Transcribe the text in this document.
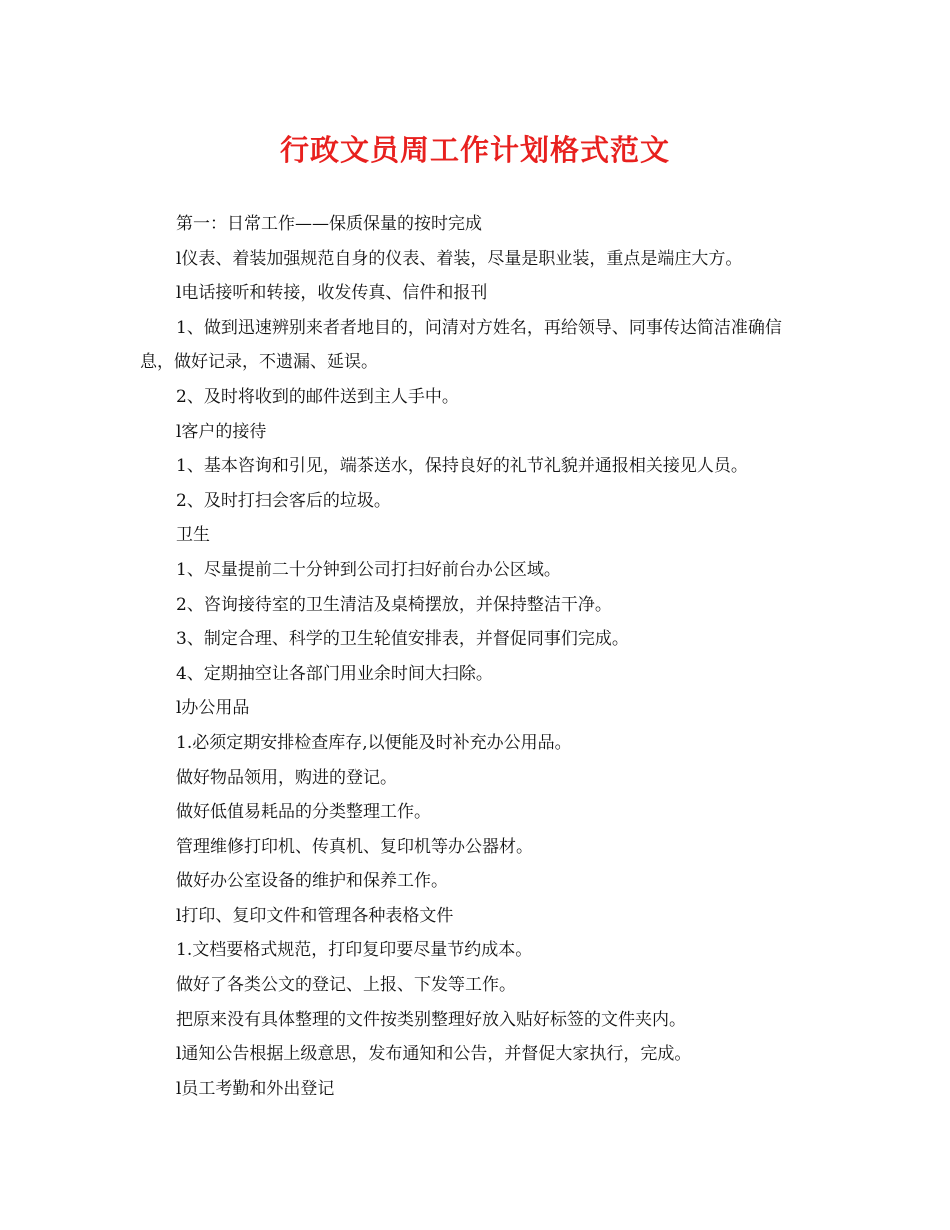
行政文员周工作计划格式范文

第一：日常工作——保质保量的按时完成

l仪表、着装加强规范自身的仪表、着装，尽量是职业装，重点是端庄大方。

l电话接听和转接，收发传真、信件和报刊

1、做到迅速辨别来者者地目的，问清对方姓名，再给领导、同事传达简洁准确信息，做好记录，不遗漏、延误。

2、及时将收到的邮件送到主人手中。

l客户的接待

1、基本咨询和引见，端茶送水，保持良好的礼节礼貌并通报相关接见人员。

2、及时打扫会客后的垃圾。

卫生

1、尽量提前二十分钟到公司打扫好前台办公区域。

2、咨询接待室的卫生清洁及桌椅摆放，并保持整洁干净。

3、制定合理、科学的卫生轮值安排表，并督促同事们完成。

4、定期抽空让各部门用业余时间大扫除。

l办公用品

1.必须定期安排检查库存,以便能及时补充办公用品。

做好物品领用，购进的登记。

做好低值易耗品的分类整理工作。

管理维修打印机、传真机、复印机等办公器材。

做好办公室设备的维护和保养工作。

l打印、复印文件和管理各种表格文件

1.文档要格式规范，打印复印要尽量节约成本。

做好了各类公文的登记、上报、下发等工作。

把原来没有具体整理的文件按类别整理好放入贴好标签的文件夹内。

l通知公告根据上级意思，发布通知和公告，并督促大家执行，完成。

l员工考勤和外出登记
